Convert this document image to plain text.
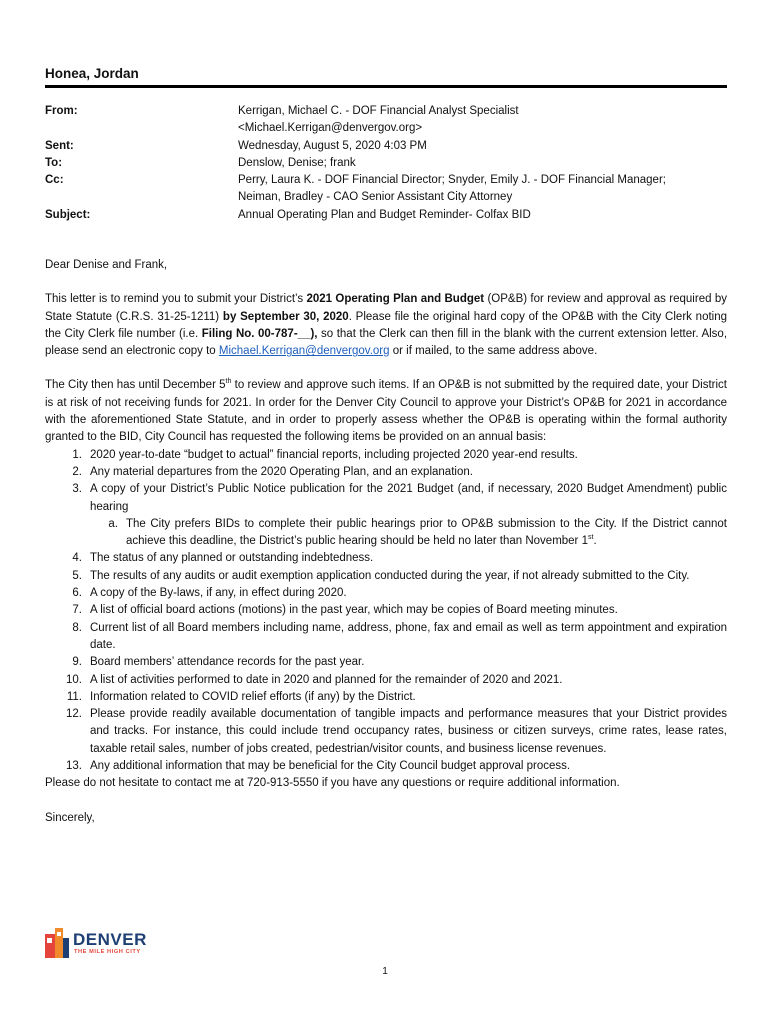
Honea, Jordan
From:	Kerrigan, Michael C. - DOF Financial Analyst Specialist
<Michael.Kerrigan@denvergov.org>
Sent:	Wednesday, August 5, 2020 4:03 PM
To:	Denslow, Denise; frank
Cc:	Perry, Laura K. - DOF Financial Director; Snyder, Emily J. - DOF Financial Manager;
Neiman, Bradley - CAO Senior Assistant City Attorney
Subject:	Annual Operating Plan and Budget Reminder- Colfax BID

Dear Denise and Frank,

This letter is to remind you to submit your District’s 2021 Operating Plan and Budget (OP&B) for review and approval as required by State Statute (C.R.S. 31-25-1211) by September 30, 2020. Please file the original hard copy of the OP&B with the City Clerk noting the City Clerk file number (i.e. Filing No. 00-787-__), so that the Clerk can then fill in the blank with the current extension letter. Also, please send an electronic copy to Michael.Kerrigan@denvergov.org or if mailed, to the same address above.

The City then has until December 5th to review and approve such items. If an OP&B is not submitted by the required date, your District is at risk of not receiving funds for 2021. In order for the Denver City Council to approve your District’s OP&B for 2021 in accordance with the aforementioned State Statute, and in order to properly assess whether the OP&B is operating within the formal authority granted to the BID, City Council has requested the following items be provided on an annual basis:

1. 2020 year-to-date “budget to actual” financial reports, including projected 2020 year-end results.
2. Any material departures from the 2020 Operating Plan, and an explanation.
3. A copy of your District’s Public Notice publication for the 2021 Budget (and, if necessary, 2020 Budget Amendment) public hearing
a. The City prefers BIDs to complete their public hearings prior to OP&B submission to the City. If the District cannot achieve this deadline, the District’s public hearing should be held no later than November 1st.
4. The status of any planned or outstanding indebtedness.
5. The results of any audits or audit exemption application conducted during the year, if not already submitted to the City.
6. A copy of the By-laws, if any, in effect during 2020.
7. A list of official board actions (motions) in the past year, which may be copies of Board meeting minutes.
8. Current list of all Board members including name, address, phone, fax and email as well as term appointment and expiration date.
9. Board members’ attendance records for the past year.
10. A list of activities performed to date in 2020 and planned for the remainder of 2020 and 2021.
11. Information related to COVID relief efforts (if any) by the District.
12. Please provide readily available documentation of tangible impacts and performance measures that your District provides and tracks. For instance, this could include trend occupancy rates, business or citizen surveys, crime rates, lease rates, taxable retail sales, number of jobs created, pedestrian/visitor counts, and business license revenues.
13. Any additional information that may be beneficial for the City Council budget approval process.

Please do not hesitate to contact me at 720-913-5550 if you have any questions or require additional information.

Sincerely,

DENVER
THE MILE HIGH CITY
1
